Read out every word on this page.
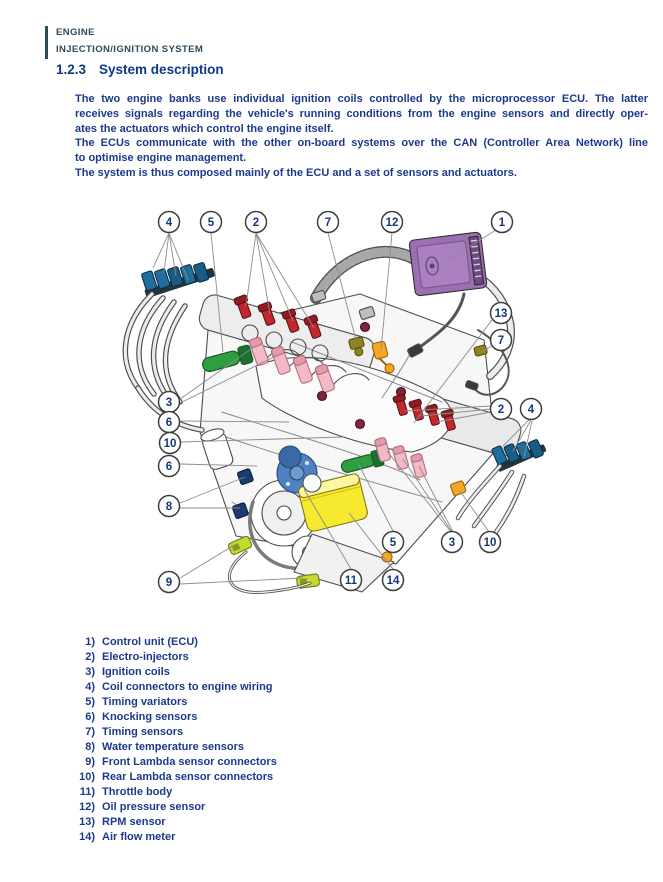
ENGINE
INJECTION/IGNITION SYSTEM
1.2.3 System description
The two engine banks use individual ignition coils controlled by the microprocessor ECU. The latter
receives signals regarding the vehicle's running conditions from the engine sensors and directly oper-
ates the actuators which control the engine itself.
The ECUs communicate with the other on-board systems over the CAN (Controller Area Network) line
to optimise engine management.
The system is thus composed mainly of the ECU and a set of sensors and actuators.
4	5	2	7	12	1
13
7
3
6
10
6
8
9
2 4
5	3 10
11	14
1) Control unit (ECU)
2) Electro-injectors
3) Ignition coils
4) Coil connectors to engine wiring
5) Timing variators
6) Knocking sensors
7) Timing sensors
8) Water temperature sensors
9) Front Lambda sensor connectors
10) Rear Lambda sensor connectors
11) Throttle body
12) Oil pressure sensor
13) RPM sensor
14) Air flow meter
